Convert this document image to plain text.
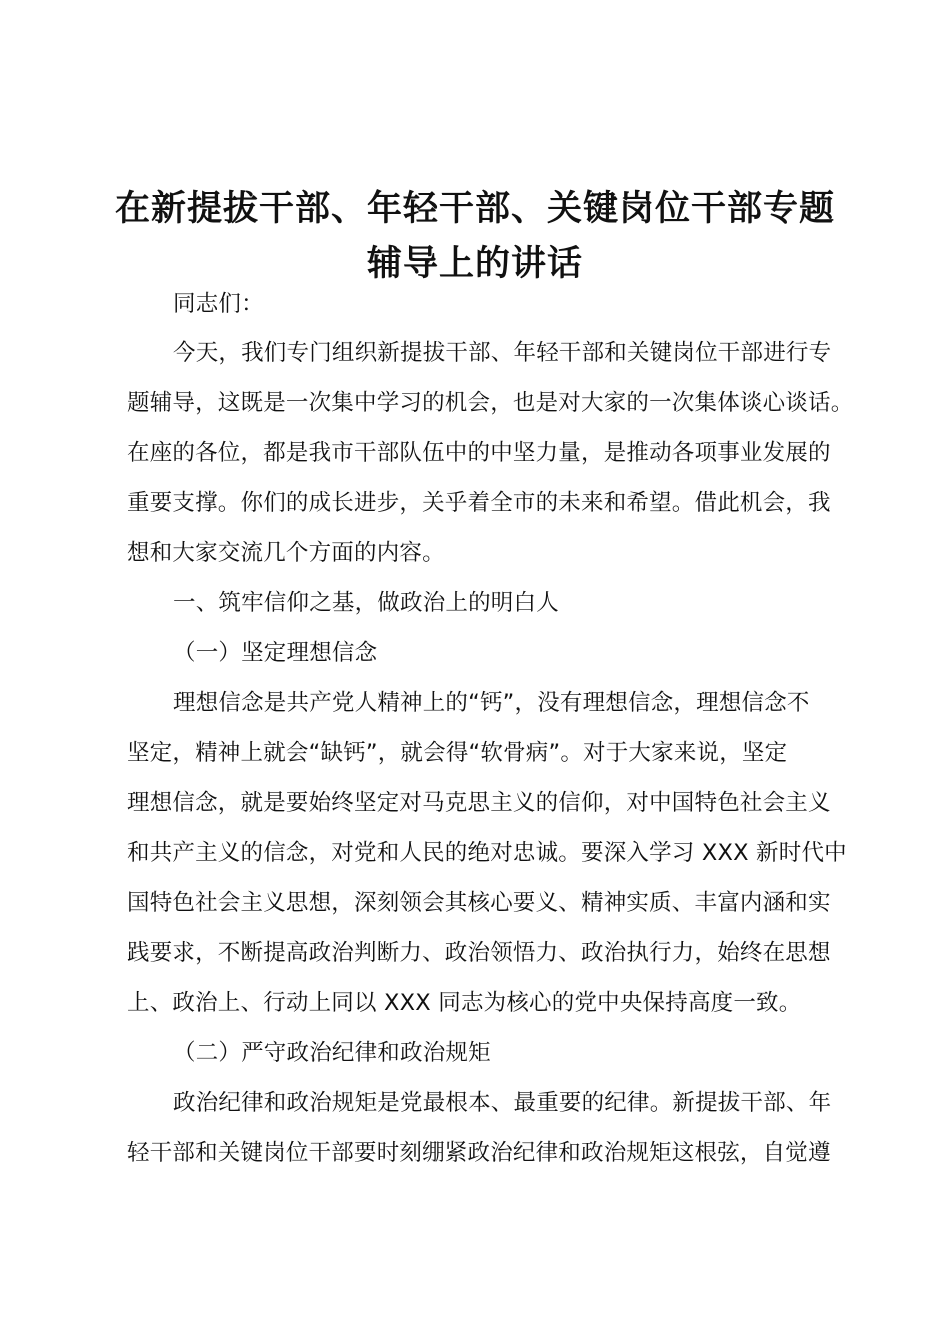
在新提拔干部、年轻干部、关键岗位干部专题
辅导上的讲话
同志们：
今天，我们专门组织新提拔干部、年轻干部和关键岗位干部进行专
题辅导，这既是一次集中学习的机会，也是对大家的一次集体谈心谈话。
在座的各位，都是我市干部队伍中的中坚力量，是推动各项事业发展的
重要支撑。你们的成长进步，关乎着全市的未来和希望。借此机会，我
想和大家交流几个方面的内容。
一、筑牢信仰之基，做政治上的明白人
（一）坚定理想信念
理想信念是共产党人精神上的“钙”，没有理想信念，理想信念不
坚定，精神上就会“缺钙”，就会得“软骨病”。对于大家来说，坚定
理想信念，就是要始终坚定对马克思主义的信仰，对中国特色社会主义
和共产主义的信念，对党和人民的绝对忠诚。要深入学习 XXX 新时代中
国特色社会主义思想，深刻领会其核心要义、精神实质、丰富内涵和实
践要求，不断提高政治判断力、政治领悟力、政治执行力，始终在思想
上、政治上、行动上同以 XXX 同志为核心的党中央保持高度一致。
（二）严守政治纪律和政治规矩
政治纪律和政治规矩是党最根本、最重要的纪律。新提拔干部、年
轻干部和关键岗位干部要时刻绷紧政治纪律和政治规矩这根弦，自觉遵
